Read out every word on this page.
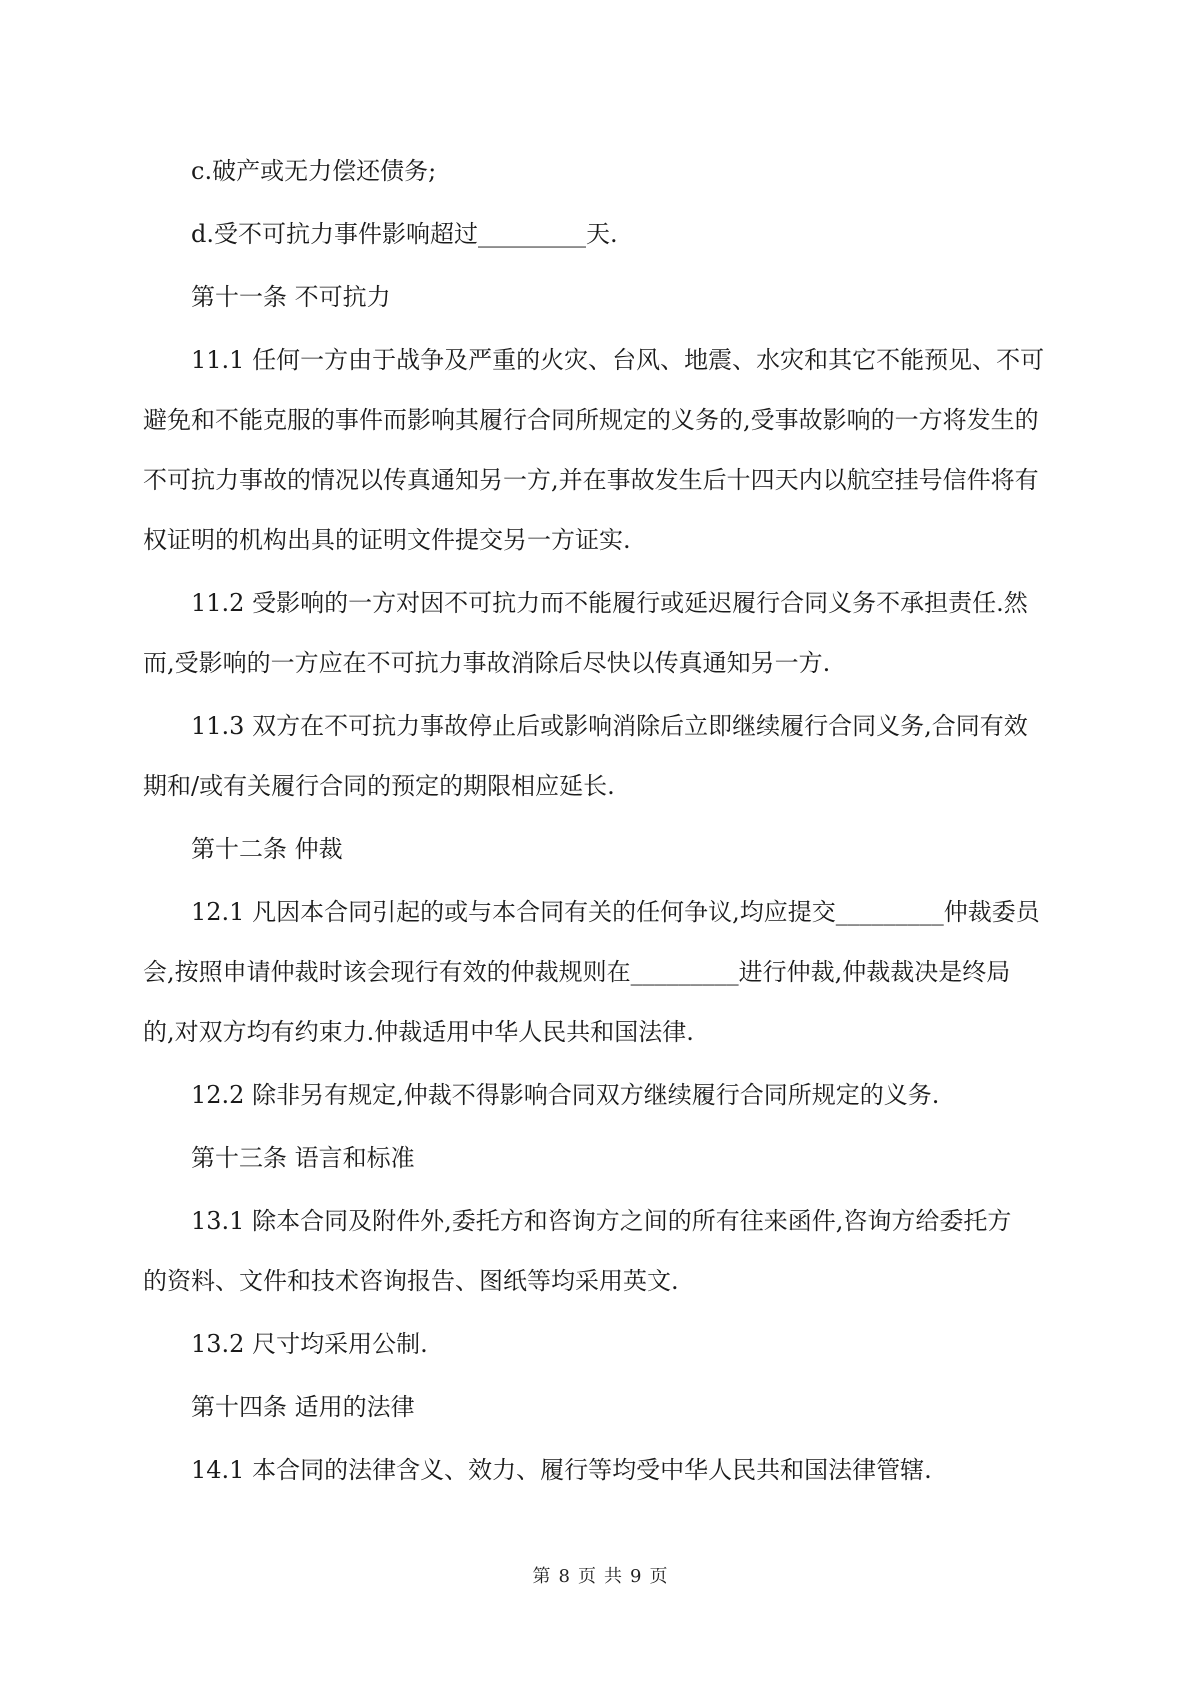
c.破产或无力偿还债务;

d.受不可抗力事件影响超过_________天.

第十一条 不可抗力

11.1 任何一方由于战争及严重的火灾、台风、地震、水灾和其它不能预见、不可

避免和不能克服的事件而影响其履行合同所规定的义务的,受事故影响的一方将发生的

不可抗力事故的情况以传真通知另一方,并在事故发生后十四天内以航空挂号信件将有

权证明的机构出具的证明文件提交另一方证实.

11.2 受影响的一方对因不可抗力而不能履行或延迟履行合同义务不承担责任.然

而,受影响的一方应在不可抗力事故消除后尽快以传真通知另一方.

11.3 双方在不可抗力事故停止后或影响消除后立即继续履行合同义务,合同有效

期和/或有关履行合同的预定的期限相应延长.

第十二条 仲裁

12.1 凡因本合同引起的或与本合同有关的任何争议,均应提交_________仲裁委员

会,按照申请仲裁时该会现行有效的仲裁规则在_________进行仲裁,仲裁裁决是终局

的,对双方均有约束力.仲裁适用中华人民共和国法律.

12.2 除非另有规定,仲裁不得影响合同双方继续履行合同所规定的义务.

第十三条 语言和标准

13.1 除本合同及附件外,委托方和咨询方之间的所有往来函件,咨询方给委托方

的资料、文件和技术咨询报告、图纸等均采用英文.

13.2 尺寸均采用公制.

第十四条 适用的法律

14.1 本合同的法律含义、效力、履行等均受中华人民共和国法律管辖.

第 8 页 共 9 页
